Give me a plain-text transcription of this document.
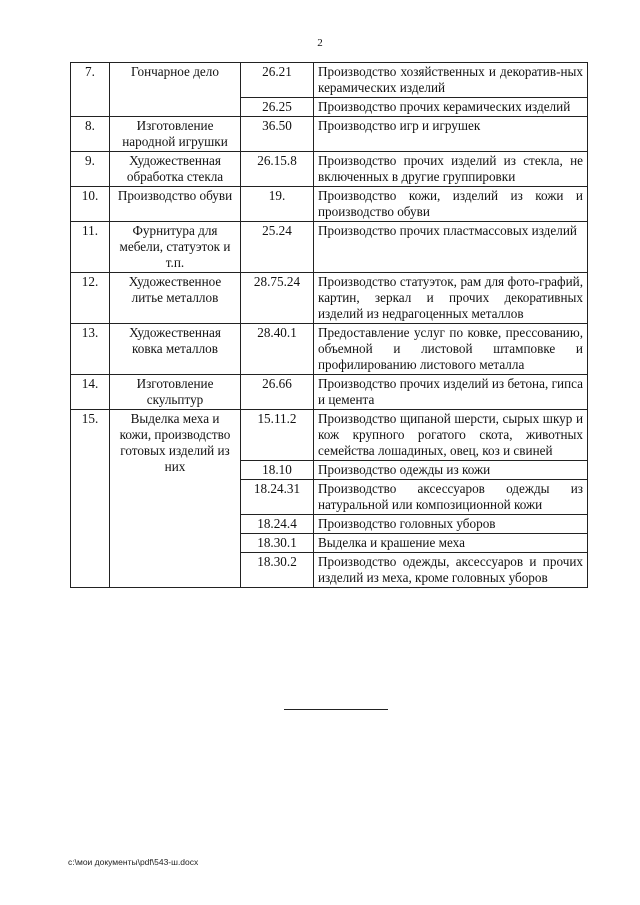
2
7.	Гончарное дело	26.21	Производство хозяйственных и декоратив-ных керамических изделий
		26.25	Производство прочих керамических изделий
8.	Изготовление народной игрушки	36.50	Производство игр и игрушек
9.	Художественная обработка стекла	26.15.8	Производство прочих изделий из стекла, не включенных в другие группировки
10.	Производство обуви	19.	Производство кожи, изделий из кожи и производство обуви
11.	Фурнитура для мебели, статуэток и т.п.	25.24	Производство прочих пластмассовых изделий
12.	Художественное литье металлов	28.75.24	Производство статуэток, рам для фото-графий, картин, зеркал и прочих декоративных изделий из недрагоценных металлов
13.	Художественная ковка металлов	28.40.1	Предоставление услуг по ковке, прессованию, объемной и листовой штамповке и профилированию листового металла
14.	Изготовление скульптур	26.66	Производство прочих изделий из бетона, гипса и цемента
15.	Выделка меха и кожи, производство готовых изделий из них	15.11.2	Производство щипаной шерсти, сырых шкур и кож крупного рогатого скота, животных семейства лошадиных, овец, коз и свиней
		18.10	Производство одежды из кожи
		18.24.31	Производство аксессуаров одежды из натуральной или композиционной кожи
		18.24.4	Производство головных уборов
		18.30.1	Выделка и крашение меха
		18.30.2	Производство одежды, аксессуаров и прочих изделий из меха, кроме головных уборов
c:\мои документы\pdf\543-ш.docx
